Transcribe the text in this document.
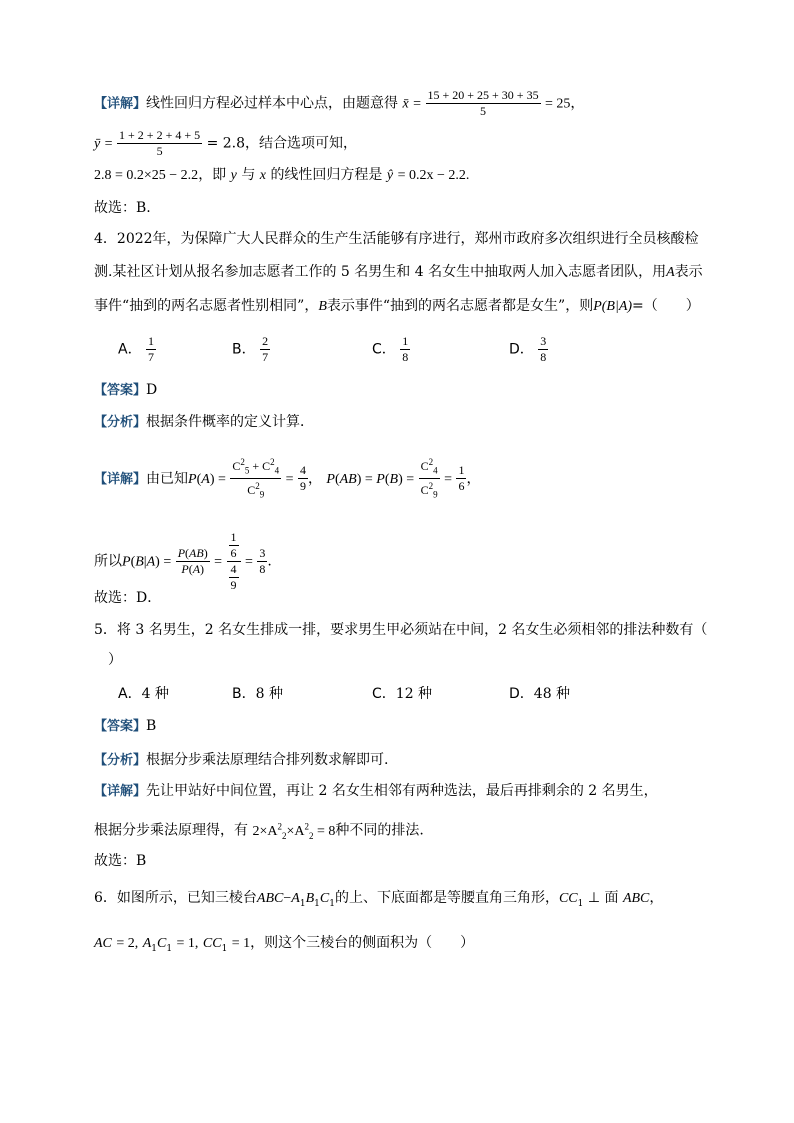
【详解】线性回归方程必过样本中心点，由题意得 x̄ = $\frac{15 + 20 + 25 + 30 + 35}{5} = 25$，
ȳ = $\frac{1 + 2 + 2 + 4 + 5}{5} = 2.8$，结合选项可知，
2.8 = 0.2×25 − 2.2，即 y 与 x 的线性回归方程是 ŷ = 0.2x − 2.2.
故选：B.
4．2022年，为保障广大人民群众的生产生活能够有序进行，郑州市政府多次组织进行全员核酸检
测.某社区计划从报名参加志愿者工作的 5 名男生和 4 名女生中抽取两人加入志愿者团队，用A表示
事件“抽到的两名志愿者性别相同”，B表示事件“抽到的两名志愿者都是女生”，则P(B|A)=（　　）
A． $\frac{1}{7}$	B． $\frac{2}{7}$	C． $\frac{1}{8}$	D． $\frac{3}{8}$
【答案】D
【分析】根据条件概率的定义计算．
【详解】由已知$P(A) = \frac{C^2_5 + C^2_4}{C^2_9} = \frac{4}{9}$ ， $P(AB) = P(B) = \frac{C^2_4}{C^2_9} = \frac{1}{6}$ ，
所以$P(B|A) = \frac{P(AB)}{P(A)} = \frac{\frac{1}{6}}{\frac{4}{9}} = \frac{3}{8}$ .
故选：D．
5．将 3 名男生，2 名女生排成一排，要求男生甲必须站在中间，2 名女生必须相邻的排法种数有（
）
A．4 种	B．8 种	C．12 种	D．48 种
【答案】B
【分析】根据分步乘法原理结合排列数求解即可.
【详解】先让甲站好中间位置，再让 2 名女生相邻有两种选法，最后再排剩余的 2 名男生，
根据分步乘法原理得，有 $2\times A^2_2\times A^2_2 = 8$种不同的排法.
故选：B
6．如图所示，已知三棱台$ABC-A_1B_1C_1$的上、下底面都是等腰直角三角形，$CC_1$ ⊥ 面 ABC，
AC = 2, $A_1C_1 = 1$, $CC_1 = 1$，则这个三棱台的侧面积为（　　）
